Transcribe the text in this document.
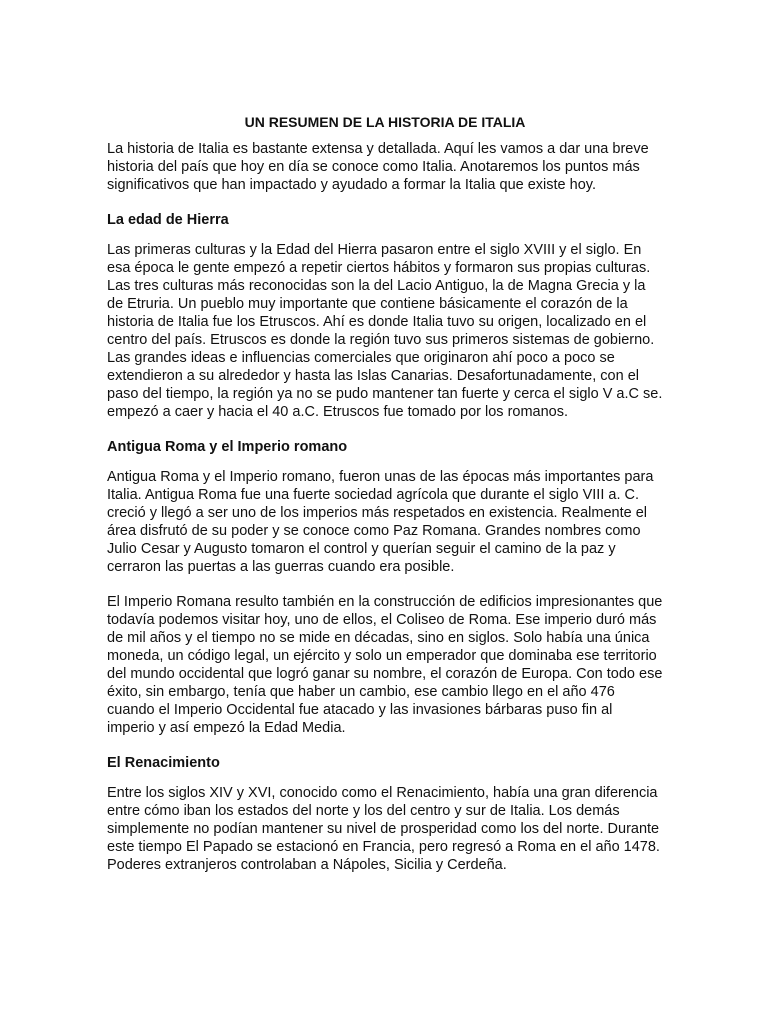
UN RESUMEN DE LA HISTORIA DE ITALIA

La historia de Italia es bastante extensa y detallada. Aquí les vamos a dar una breve historia del país que hoy en día se conoce como Italia. Anotaremos los puntos más significativos que han impactado y ayudado a formar la Italia que existe hoy.

La edad de Hierra

Las primeras culturas y la Edad del Hierra pasaron entre el siglo XVIII y el siglo. En esa época le gente empezó a repetir ciertos hábitos y formaron sus propias culturas. Las tres culturas más reconocidas son la del Lacio Antiguo, la de Magna Grecia y la de Etruria. Un pueblo muy importante que contiene básicamente el corazón de la historia de Italia fue los Etruscos. Ahí es donde Italia tuvo su origen, localizado en el centro del país. Etruscos es donde la región tuvo sus primeros sistemas de gobierno. Las grandes ideas e influencias comerciales que originaron ahí poco a poco se extendieron a su alrededor y hasta las Islas Canarias. Desafortunadamente, con el paso del tiempo, la región ya no se pudo mantener tan fuerte y cerca el siglo V a.C se. empezó a caer y hacia el 40 a.C. Etruscos fue tomado por los romanos.

Antigua Roma y el Imperio romano

Antigua Roma y el Imperio romano, fueron unas de las épocas más importantes para Italia. Antigua Roma fue una fuerte sociedad agrícola que durante el siglo VIII a. C. creció y llegó a ser uno de los imperios más respetados en existencia. Realmente el área disfrutó de su poder y se conoce como Paz Romana. Grandes nombres como Julio Cesar y Augusto tomaron el control y querían seguir el camino de la paz y cerraron las puertas a las guerras cuando era posible.

El Imperio Romana resulto también en la construcción de edificios impresionantes que todavía podemos visitar hoy, uno de ellos, el Coliseo de Roma. Ese imperio duró más de mil años y el tiempo no se mide en décadas, sino en siglos. Solo había una única moneda, un código legal, un ejército y solo un emperador que dominaba ese territorio del mundo occidental que logró ganar su nombre, el corazón de Europa. Con todo ese éxito, sin embargo, tenía que haber un cambio, ese cambio llego en el año 476 cuando el Imperio Occidental fue atacado y las invasiones bárbaras puso fin al imperio y así empezó la Edad Media.

El Renacimiento

Entre los siglos XIV y XVI, conocido como el Renacimiento, había una gran diferencia entre cómo iban los estados del norte y los del centro y sur de Italia. Los demás simplemente no podían mantener su nivel de prosperidad como los del norte. Durante este tiempo El Papado se estacionó en Francia, pero regresó a Roma en el año 1478. Poderes extranjeros controlaban a Nápoles, Sicilia y Cerdeña.
